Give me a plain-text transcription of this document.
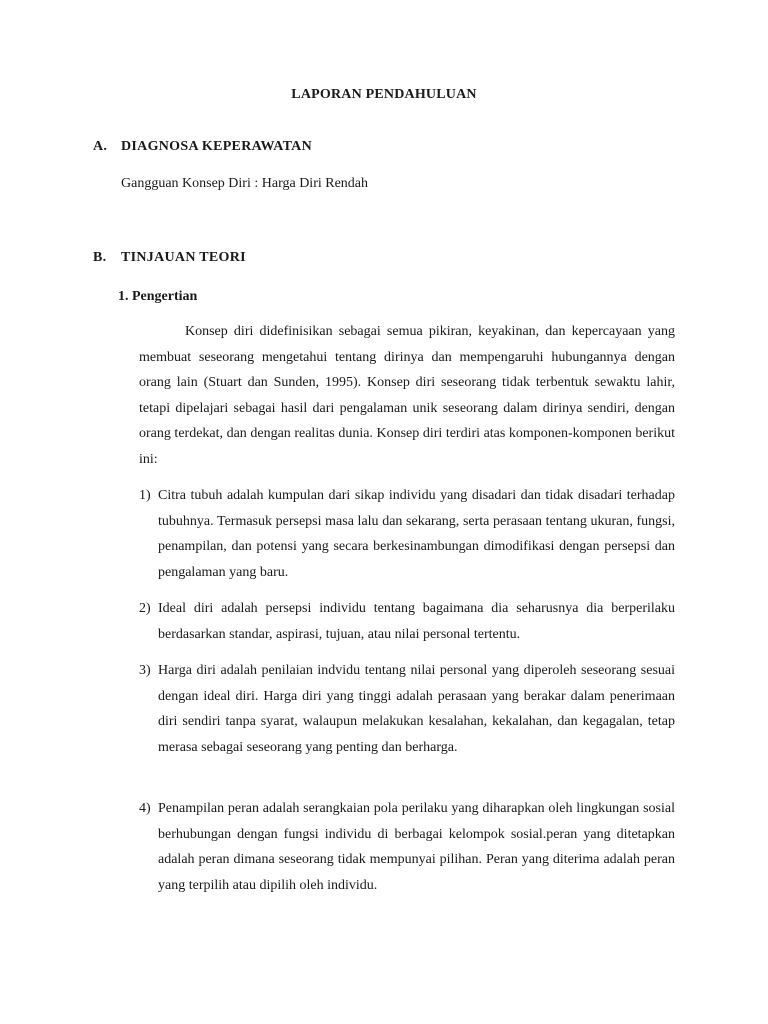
LAPORAN PENDAHULUAN
A. DIAGNOSA KEPERAWATAN
Gangguan Konsep Diri : Harga Diri Rendah
B. TINJAUAN TEORI
1. Pengertian
Konsep diri didefinisikan sebagai semua pikiran, keyakinan, dan kepercayaan yang membuat seseorang mengetahui tentang dirinya dan mempengaruhi hubungannya dengan orang lain (Stuart dan Sunden, 1995). Konsep diri seseorang tidak terbentuk sewaktu lahir, tetapi dipelajari sebagai hasil dari pengalaman unik seseorang dalam dirinya sendiri, dengan orang terdekat, dan dengan realitas dunia. Konsep diri terdiri atas komponen-komponen berikut ini:
1) Citra tubuh adalah kumpulan dari sikap individu yang disadari dan tidak disadari terhadap tubuhnya. Termasuk persepsi masa lalu dan sekarang, serta perasaan tentang ukuran, fungsi, penampilan, dan potensi yang secara berkesinambungan dimodifikasi dengan persepsi dan pengalaman yang baru.
2) Ideal diri adalah persepsi individu tentang bagaimana dia seharusnya dia berperilaku berdasarkan standar, aspirasi, tujuan, atau nilai personal tertentu.
3) Harga diri adalah penilaian indvidu tentang nilai personal yang diperoleh seseorang sesuai dengan ideal diri. Harga diri yang tinggi adalah perasaan yang berakar dalam penerimaan diri sendiri tanpa syarat, walaupun melakukan kesalahan, kekalahan, dan kegagalan, tetap merasa sebagai seseorang yang penting dan berharga.
4) Penampilan peran adalah serangkaian pola perilaku yang diharapkan oleh lingkungan sosial berhubungan dengan fungsi individu di berbagai kelompok sosial.peran yang ditetapkan adalah peran dimana seseorang tidak mempunyai pilihan. Peran yang diterima adalah peran yang terpilih atau dipilih oleh individu.
